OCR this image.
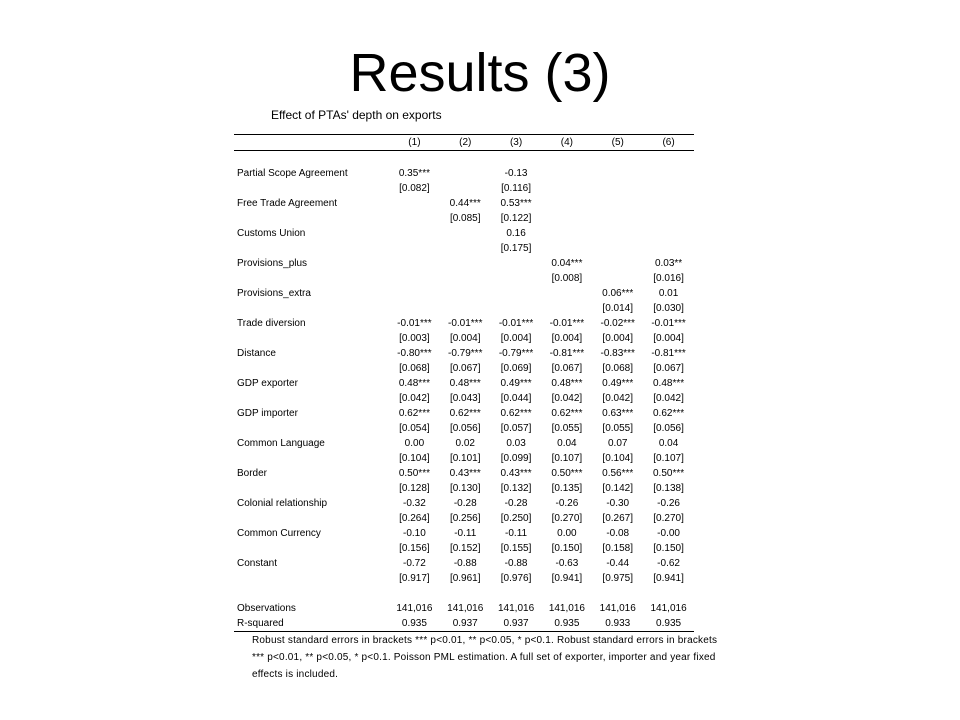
Results (3)
Effect of PTAs' depth on exports
	(1)	(2)	(3)	(4)	(5)	(6)

Partial Scope Agreement	0.35***		-0.13			
	[0.082]		[0.116]			
Free Trade Agreement		0.44***	0.53***			
		[0.085]	[0.122]			
Customs Union			0.16			
			[0.175]			
Provisions_plus				0.04***		0.03**
				[0.008]		[0.016]
Provisions_extra					0.06***	0.01
					[0.014]	[0.030]
Trade diversion	-0.01***	-0.01***	-0.01***	-0.01***	-0.02***	-0.01***
	[0.003]	[0.004]	[0.004]	[0.004]	[0.004]	[0.004]
Distance	-0.80***	-0.79***	-0.79***	-0.81***	-0.83***	-0.81***
	[0.068]	[0.067]	[0.069]	[0.067]	[0.068]	[0.067]
GDP exporter	0.48***	0.48***	0.49***	0.48***	0.49***	0.48***
	[0.042]	[0.043]	[0.044]	[0.042]	[0.042]	[0.042]
GDP importer	0.62***	0.62***	0.62***	0.62***	0.63***	0.62***
	[0.054]	[0.056]	[0.057]	[0.055]	[0.055]	[0.056]
Common Language	0.00	0.02	0.03	0.04	0.07	0.04
	[0.104]	[0.101]	[0.099]	[0.107]	[0.104]	[0.107]
Border	0.50***	0.43***	0.43***	0.50***	0.56***	0.50***
	[0.128]	[0.130]	[0.132]	[0.135]	[0.142]	[0.138]
Colonial relationship	-0.32	-0.28	-0.28	-0.26	-0.30	-0.26
	[0.264]	[0.256]	[0.250]	[0.270]	[0.267]	[0.270]
Common Currency	-0.10	-0.11	-0.11	0.00	-0.08	-0.00
	[0.156]	[0.152]	[0.155]	[0.150]	[0.158]	[0.150]
Constant	-0.72	-0.88	-0.88	-0.63	-0.44	-0.62
	[0.917]	[0.961]	[0.976]	[0.941]	[0.975]	[0.941]

Observations	141,016	141,016	141,016	141,016	141,016	141,016
R-squared	0.935	0.937	0.937	0.935	0.933	0.935

Robust standard errors in brackets *** p<0.01, ** p<0.05, * p<0.1. Robust standard errors in brackets

*** p<0.01, ** p<0.05, * p<0.1. Poisson PML estimation. A full set of exporter, importer and year fixed

effects is included.
